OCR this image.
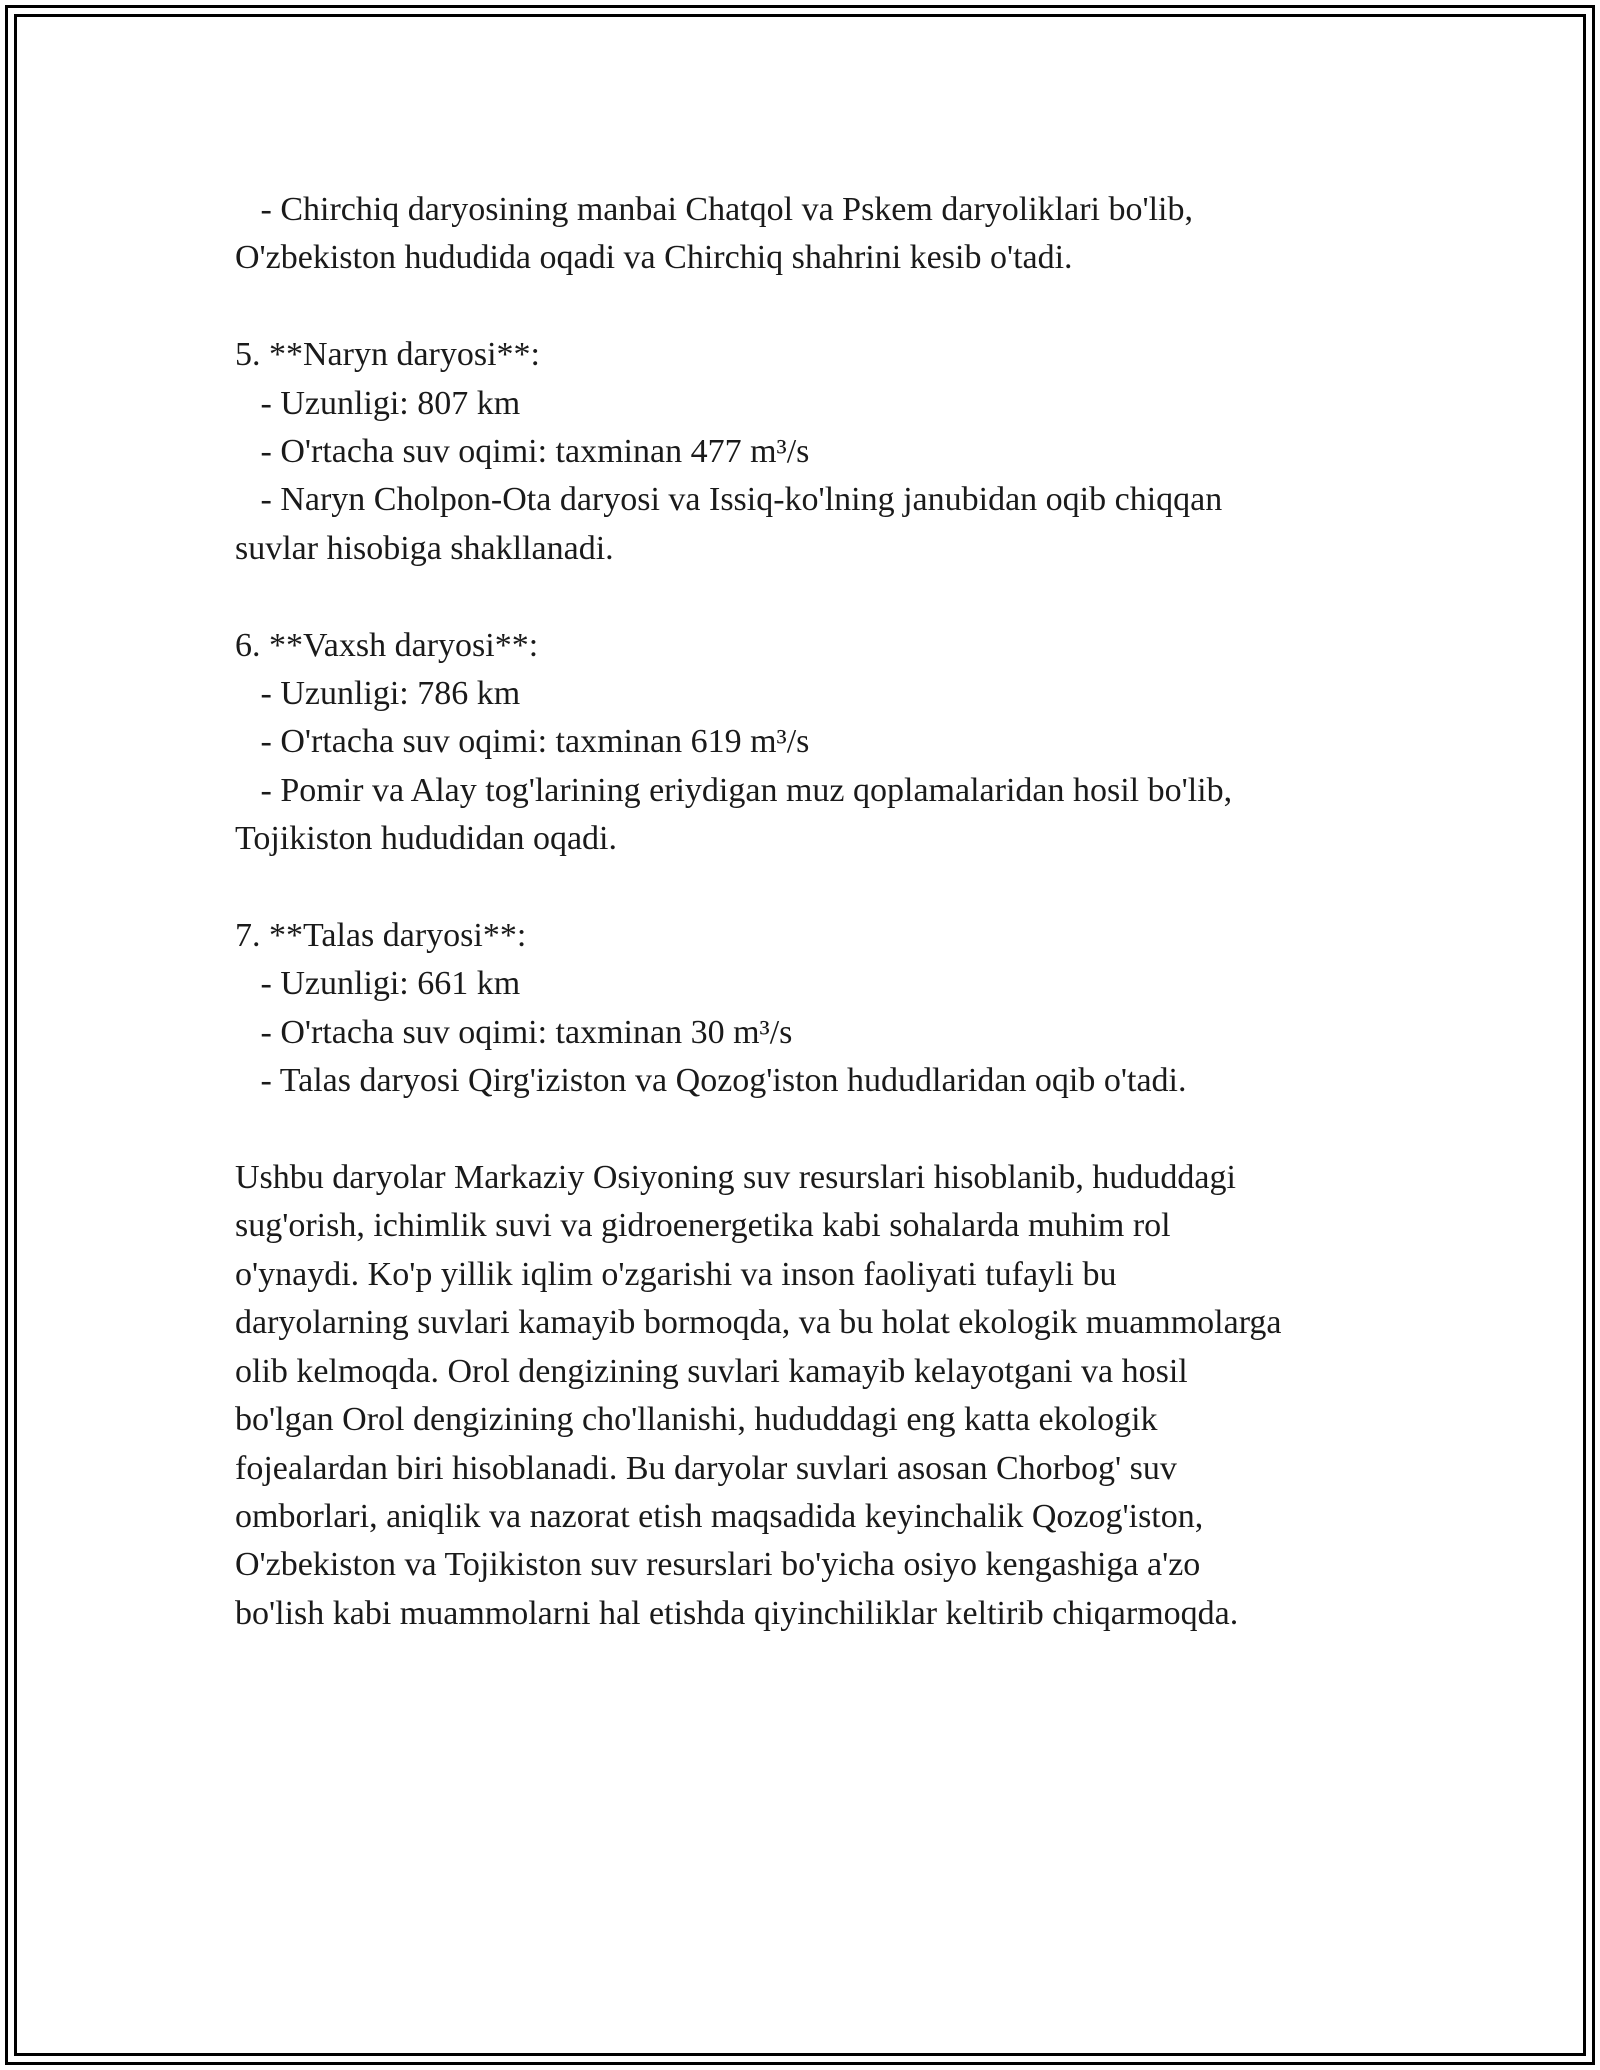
- Chirchiq daryosining manbai Chatqol va Pskem daryoliklari bo'lib,

O'zbekiston hududida oqadi va Chirchiq shahrini kesib o'tadi.

5. **Naryn daryosi**:

- Uzunligi: 807 km

- O'rtacha suv oqimi: taxminan 477 m³/s

- Naryn Cholpon-Ota daryosi va Issiq-ko'lning janubidan oqib chiqqan

suvlar hisobiga shakllanadi.

6. **Vaxsh daryosi**:

- Uzunligi: 786 km

- O'rtacha suv oqimi: taxminan 619 m³/s

- Pomir va Alay tog'larining eriydigan muz qoplamalaridan hosil bo'lib,

Tojikiston hududidan oqadi.

7. **Talas daryosi**:

- Uzunligi: 661 km

- O'rtacha suv oqimi: taxminan 30 m³/s

- Talas daryosi Qirg'iziston va Qozog'iston hududlaridan oqib o'tadi.

Ushbu daryolar Markaziy Osiyoning suv resurslari hisoblanib, hududdagi

sug'orish, ichimlik suvi va gidroenergetika kabi sohalarda muhim rol

o'ynaydi. Ko'p yillik iqlim o'zgarishi va inson faoliyati tufayli bu

daryolarning suvlari kamayib bormoqda, va bu holat ekologik muammolarga

olib kelmoqda. Orol dengizining suvlari kamayib kelayotgani va hosil

bo'lgan Orol dengizining cho'llanishi, hududdagi eng katta ekologik

fojealardan biri hisoblanadi. Bu daryolar suvlari asosan Chorbog' suv

omborlari, aniqlik va nazorat etish maqsadida keyinchalik Qozog'iston,

O'zbekiston va Tojikiston suv resurslari bo'yicha osiyo kengashiga a'zo

bo'lish kabi muammolarni hal etishda qiyinchiliklar keltirib chiqarmoqda.
